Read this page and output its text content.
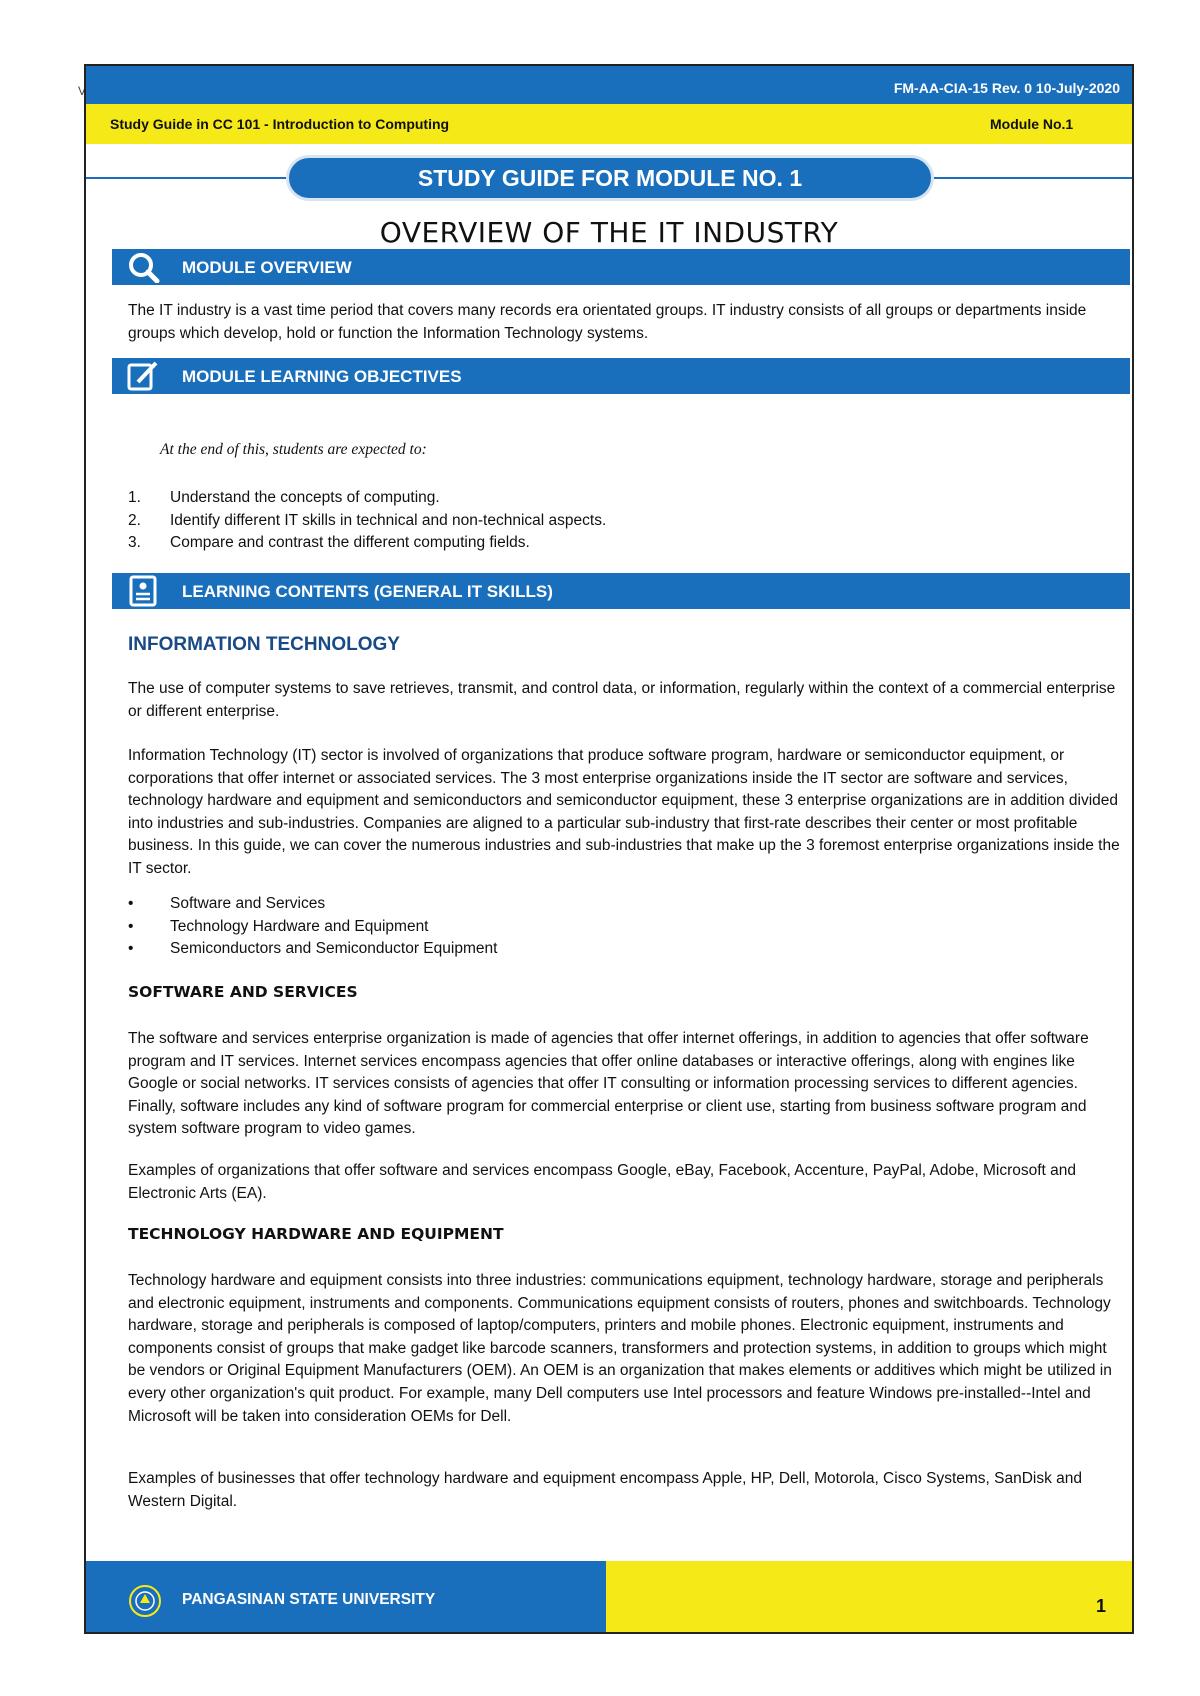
V	FM-AA-CIA-15 Rev. 0 10-July-2020
Study Guide in CC 101 - Introduction to Computing	Module No.1
STUDY GUIDE FOR MODULE NO. 1
OVERVIEW OF THE IT INDUSTRY
MODULE OVERVIEW
The IT industry is a vast time period that covers many records era orientated groups. IT industry consists of all groups or departments inside groups which develop, hold or function the Information Technology systems.
MODULE LEARNING OBJECTIVES
At the end of this, students are expected to:
1. Understand the concepts of computing.
2. Identify different IT skills in technical and non-technical aspects.
3. Compare and contrast the different computing fields.
LEARNING CONTENTS (GENERAL IT SKILLS)
INFORMATION TECHNOLOGY
The use of computer systems to save retrieves, transmit, and control data, or information, regularly within the context of a commercial enterprise or different enterprise.
Information Technology (IT) sector is involved of organizations that produce software program, hardware or semiconductor equipment, or corporations that offer internet or associated services. The 3 most enterprise organizations inside the IT sector are software and services, technology hardware and equipment and semiconductors and semiconductor equipment, these 3 enterprise organizations are in addition divided into industries and sub-industries. Companies are aligned to a particular sub-industry that first-rate describes their center or most profitable business. In this guide, we can cover the numerous industries and sub-industries that make up the 3 foremost enterprise organizations inside the IT sector.
• Software and Services
• Technology Hardware and Equipment
• Semiconductors and Semiconductor Equipment
SOFTWARE AND SERVICES
The software and services enterprise organization is made of agencies that offer internet offerings, in addition to agencies that offer software program and IT services. Internet services encompass agencies that offer online databases or interactive offerings, along with engines like Google or social networks. IT services consists of agencies that offer IT consulting or information processing services to different agencies. Finally, software includes any kind of software program for commercial enterprise or client use, starting from business software program and system software program to video games.
Examples of organizations that offer software and services encompass Google, eBay, Facebook, Accenture, PayPal, Adobe, Microsoft and Electronic Arts (EA).
TECHNOLOGY HARDWARE AND EQUIPMENT
Technology hardware and equipment consists into three industries: communications equipment, technology hardware, storage and peripherals and electronic equipment, instruments and components. Communications equipment consists of routers, phones and switchboards. Technology hardware, storage and peripherals is composed of laptop/computers, printers and mobile phones. Electronic equipment, instruments and components consist of groups that make gadget like barcode scanners, transformers and protection systems, in addition to groups which might be vendors or Original Equipment Manufacturers (OEM). An OEM is an organization that makes elements or additives which might be utilized in every other organization's quit product. For example, many Dell computers use Intel processors and feature Windows pre-installed--Intel and Microsoft will be taken into consideration OEMs for Dell.
Examples of businesses that offer technology hardware and equipment encompass Apple, HP, Dell, Motorola, Cisco Systems, SanDisk and Western Digital.
PANGASINAN STATE UNIVERSITY	1
